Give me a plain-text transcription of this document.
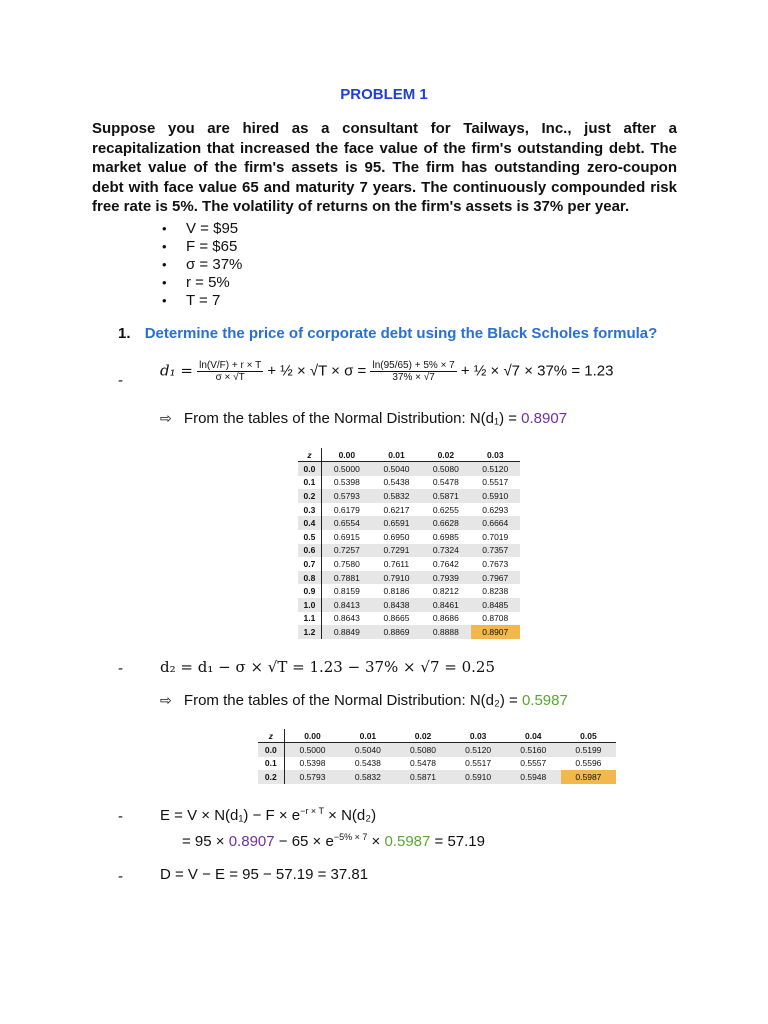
PROBLEM 1
Suppose you are hired as a consultant for Tailways, Inc., just after a recapitalization that increased the face value of the firm's outstanding debt. The market value of the firm's assets is 95. The firm has outstanding zero-coupon debt with face value 65 and maturity 7 years. The continuously compounded risk free rate is 5%. The volatility of returns on the firm's assets is 37% per year.
• V = $95
• F = $65
• σ = 37%
• r = 5%
• T = 7
1. Determine the price of corporate debt using the Black Scholes formula?
-
$d_1 = \frac{\ln(V/F) + r \times T}{\sigma \times √T}$ + ½ × $√T \times \sigma = \frac{\ln(95/65) + 5\% \times 7}{37\% \times √7}$ + ½ × √7 × 37% = 1.23
⇨ From the tables of the Normal Distribution: N(d₁) = 0.8907
z	0.00	0.01	0.02	0.03
0.0	0.5000	0.5040	0.5080	0.5120
0.1	0.5398	0.5438	0.5478	0.5517
0.2	0.5793	0.5832	0.5871	0.5910
0.3	0.6179	0.6217	0.6255	0.6293
0.4	0.6554	0.6591	0.6628	0.6664
0.5	0.6915	0.6950	0.6985	0.7019
0.6	0.7257	0.7291	0.7324	0.7357
0.7	0.7580	0.7611	0.7642	0.7673
0.8	0.7881	0.7910	0.7939	0.7967
0.9	0.8159	0.8186	0.8212	0.8238
1.0	0.8413	0.8438	0.8461	0.8485
1.1	0.8643	0.8665	0.8686	0.8708
1.2	0.8849	0.8869	0.8888	0.8907
- d₂ = d₁ − σ × √T = 1.23 − 37% × √7 = 0.25
⇨ From the tables of the Normal Distribution: N(d₂) = 0.5987
z	0.00	0.01	0.02	0.03	0.04	0.05
0.0	0.5000	0.5040	0.5080	0.5120	0.5160	0.5199
0.1	0.5398	0.5438	0.5478	0.5517	0.5557	0.5596
0.2	0.5793	0.5832	0.5871	0.5910	0.5948	0.5987
- $E = V \times N(d_1) - F \times e^{-r \times T} \times N(d_2)$
= $95 \times 0.8907 - 65 \times e^{-5\% \times 7} \times 0.5987 = 57.19$
- D = V − E = 95 − 57.19 = 37.81
